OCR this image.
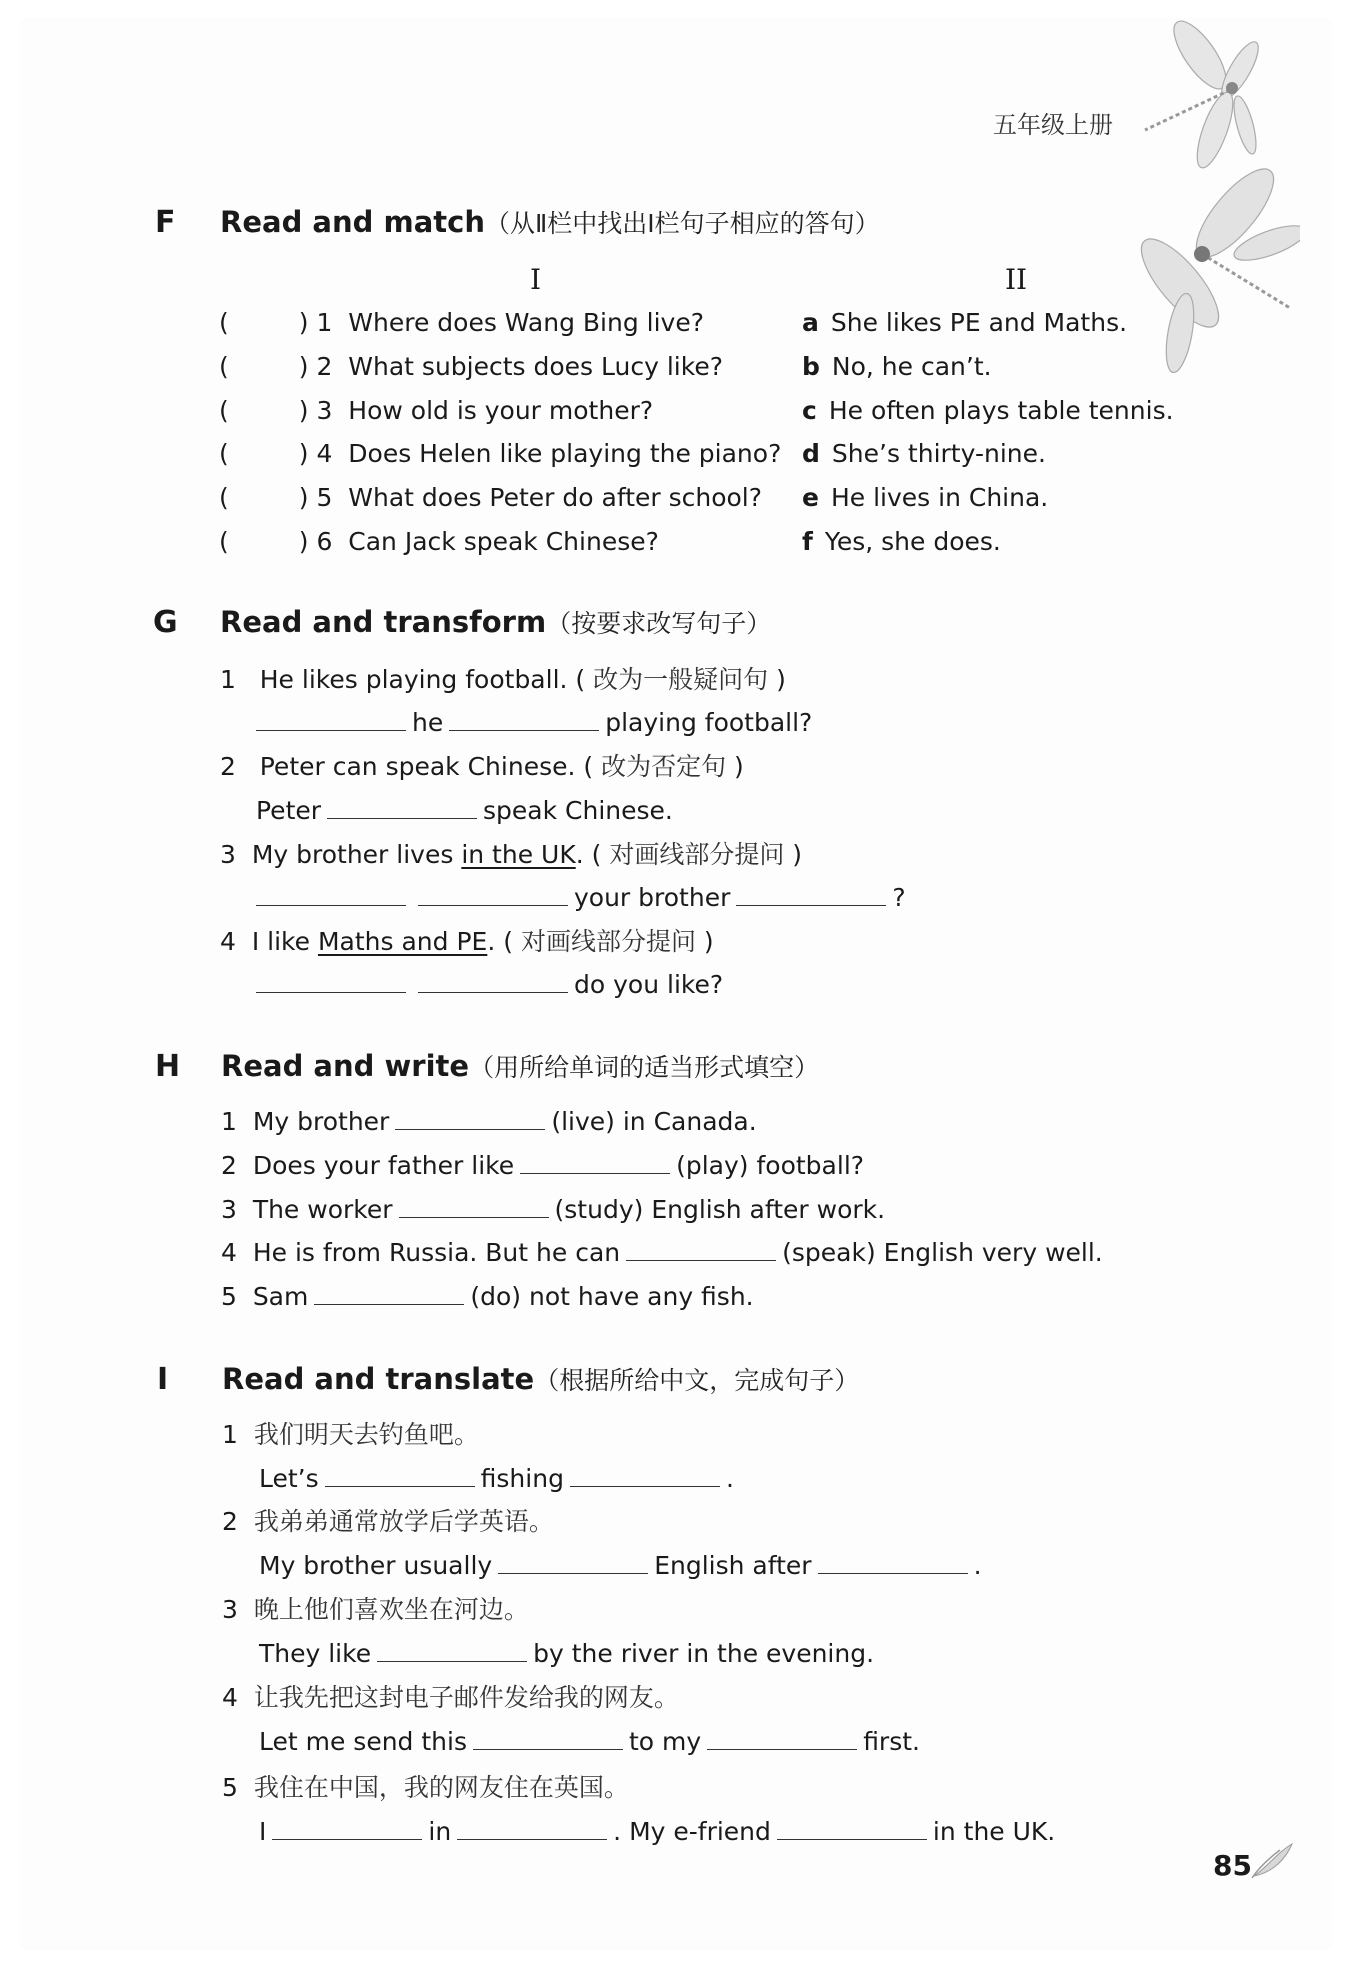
五年级上册
F Read and match（从Ⅱ栏中找出Ⅰ栏句子相应的答句）
I	II
(	) 1 Where does Wang Bing live?	a She likes PE and Maths.
(	) 2 What subjects does Lucy like?	b No, he can’t.
(	) 3 How old is your mother?	c He often plays table tennis.
(	) 4 Does Helen like playing the piano? d She’s thirty-nine.
(	) 5 What does Peter do after school? e He lives in China.
(	) 6 Can Jack speak Chinese?	f Yes, she does.
G Read and transform（按要求改写句子）
1 He likes playing football. ( 改为一般疑问句 )
he	playing football?
2 Peter can speak Chinese. ( 改为否定句 )
Peter	speak Chinese.
3 My brother lives in the UK. ( 对画线部分提问 )
your brother	?
4 I like Maths and PE. ( 对画线部分提问 )
do you like?
H Read and write（用所给单词的适当形式填空）
1 My brother	(live) in Canada.
2 Does your father like	(play) football?
3 The worker	(study) English after work.
4 He is from Russia. But he can	(speak) English very well.
5 Sam	(do) not have any fish.
I Read and translate（根据所给中文，完成句子）
1 我们明天去钓鱼吧。
Let’s	fishing	.
2 我弟弟通常放学后学英语。
My brother usually	English after	.
3 晚上他们喜欢坐在河边。
They like	by the river in the evening.
4 让我先把这封电子邮件发给我的网友。
Let me send this	to my	first.
5 我住在中国，我的网友住在英国。
I	in	. My e-friend	in the UK.
85
